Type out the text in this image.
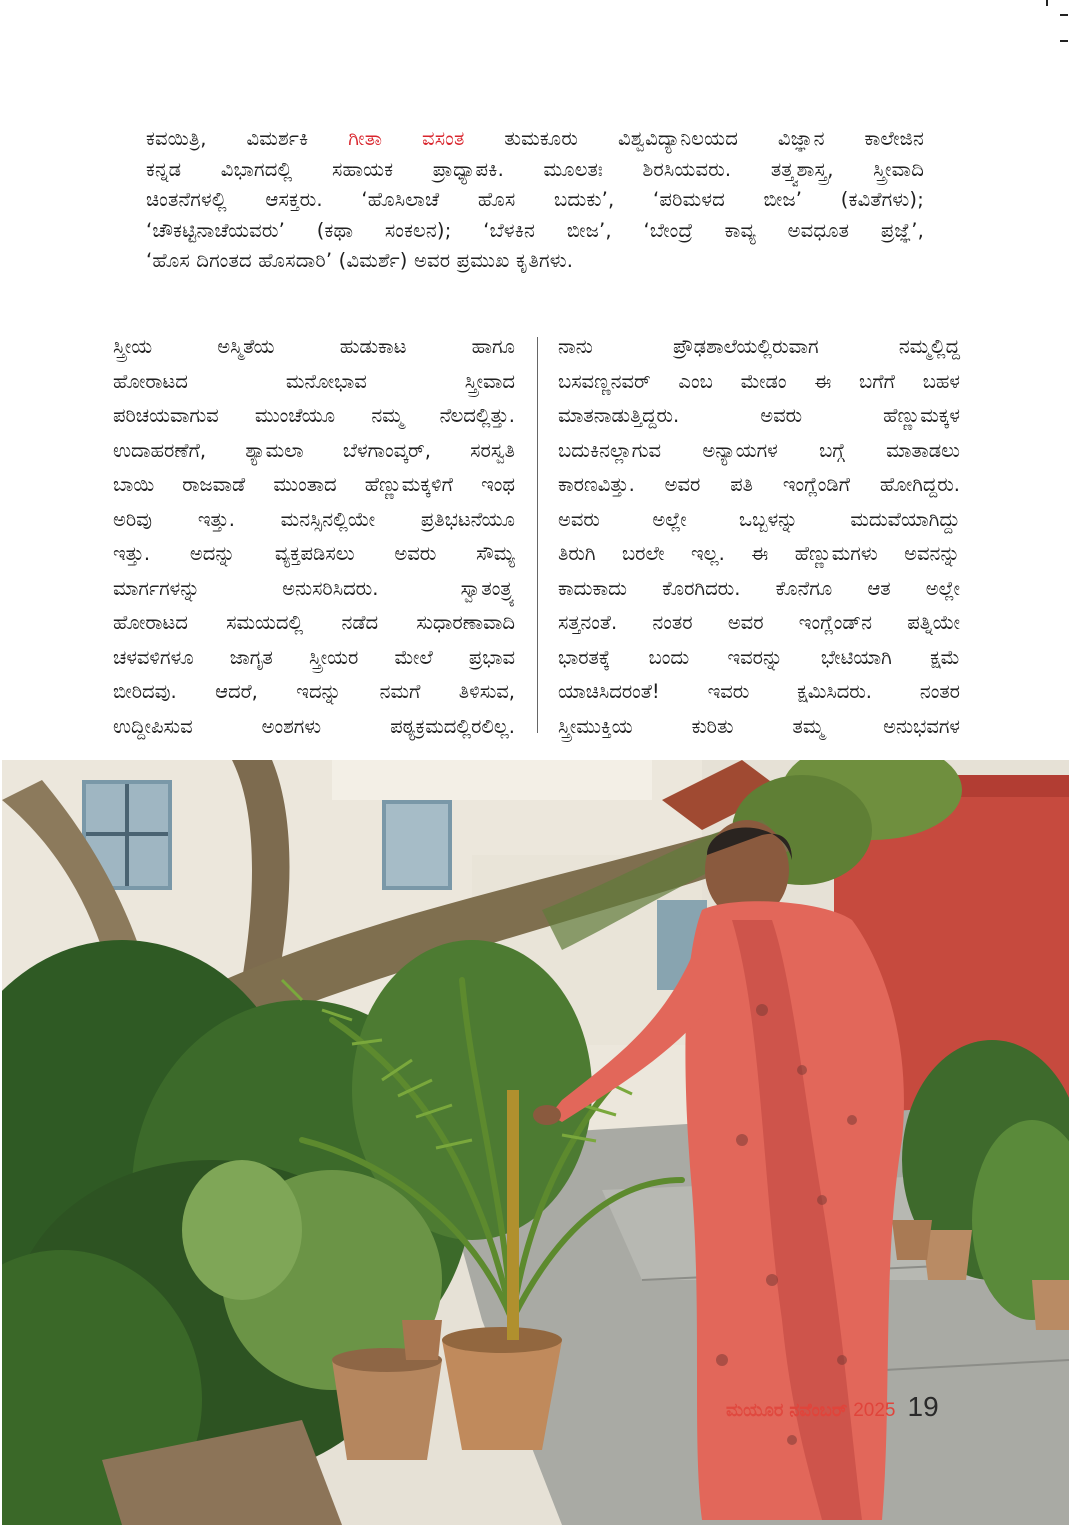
ಕವಯಿತ್ರಿ, ವಿಮರ್ಶಕಿ ಗೀತಾ ವಸಂತ ತುಮಕೂರು ವಿಶ್ವವಿದ್ಯಾನಿಲಯದ ವಿಜ್ಞಾನ ಕಾಲೇಜಿನ
ಕನ್ನಡ ವಿಭಾಗದಲ್ಲಿ ಸಹಾಯಕ ಪ್ರಾಧ್ಯಾಪಕಿ. ಮೂಲತಃ ಶಿರಸಿಯವರು. ತತ್ತ್ವಶಾಸ್ತ್ರ, ಸ್ತ್ರೀವಾದಿ
ಚಿಂತನೆಗಳಲ್ಲಿ ಆಸಕ್ತರು. ‘ಹೊಸಿಲಾಚೆ ಹೊಸ ಬದುಕು’, ‘ಪರಿಮಳದ ಬೀಜ’ (ಕವಿತೆಗಳು);
‘ಚೌಕಟ್ಟಿನಾಚೆಯವರು’ (ಕಥಾ ಸಂಕಲನ); ‘ಬೆಳಕಿನ ಬೀಜ’, ‘ಬೇಂದ್ರೆ ಕಾವ್ಯ ಅವಧೂತ ಪ್ರಜ್ಞೆ’,
‘ಹೊಸ ದಿಗಂತದ ಹೊಸದಾರಿ’ (ವಿಮರ್ಶೆ) ಅವರ ಪ್ರಮುಖ ಕೃತಿಗಳು.
ಸ್ತ್ರೀಯ ಅಸ್ಮಿತೆಯ ಹುಡುಕಾಟ ಹಾಗೂ
ಹೋರಾಟದ ಮನೋಭಾವ ಸ್ತ್ರೀವಾದ
ಪರಿಚಯವಾಗುವ ಮುಂಚೆಯೂ ನಮ್ಮ ನೆಲದಲ್ಲಿತ್ತು.
ಉದಾಹರಣೆಗೆ, ಶ್ಯಾಮಲಾ ಬೆಳಗಾಂವ್ಕರ್, ಸರಸ್ವತಿ
ಬಾಯಿ ರಾಜವಾಡೆ ಮುಂತಾದ ಹೆಣ್ಣುಮಕ್ಕಳಿಗೆ ಇಂಥ
ಅರಿವು ಇತ್ತು. ಮನಸ್ಸಿನಲ್ಲಿಯೇ ಪ್ರತಿಭಟನೆಯೂ
ಇತ್ತು. ಅದನ್ನು ವ್ಯಕ್ತಪಡಿಸಲು ಅವರು ಸೌಮ್ಯ
ಮಾರ್ಗಗಳನ್ನು ಅನುಸರಿಸಿದರು. ಸ್ವಾತಂತ್ರ್ಯ
ಹೋರಾಟದ ಸಮಯದಲ್ಲಿ ನಡೆದ ಸುಧಾರಣಾವಾದಿ
ಚಳವಳಿಗಳೂ ಜಾಗೃತ ಸ್ತ್ರೀಯರ ಮೇಲೆ ಪ್ರಭಾವ
ಬೀರಿದವು. ಆದರೆ, ಇದನ್ನು ನಮಗೆ ತಿಳಿಸುವ,
ಉದ್ದೀಪಿಸುವ ಅಂಶಗಳು ಪಠ್ಯಕ್ರಮದಲ್ಲಿರಲಿಲ್ಲ.
ನಾನು ಪ್ರೌಢಶಾಲೆಯಲ್ಲಿರುವಾಗ ನಮ್ಮಲ್ಲಿದ್ದ
ಬಸವಣ್ಣನವರ್ ಎಂಬ ಮೇಡಂ ಈ ಬಗೆಗೆ ಬಹಳ
ಮಾತನಾಡುತ್ತಿದ್ದರು. ಅವರು ಹೆಣ್ಣುಮಕ್ಕಳ
ಬದುಕಿನಲ್ಲಾಗುವ ಅನ್ಯಾಯಗಳ ಬಗ್ಗೆ ಮಾತಾಡಲು
ಕಾರಣವಿತ್ತು. ಅವರ ಪತಿ ಇಂಗ್ಲೆಂಡಿಗೆ ಹೋಗಿದ್ದರು.
ಅವರು ಅಲ್ಲೇ ಒಬ್ಬಳನ್ನು ಮದುವೆಯಾಗಿದ್ದು
ತಿರುಗಿ ಬರಲೇ ಇಲ್ಲ. ಈ ಹೆಣ್ಣುಮಗಳು ಅವನನ್ನು
ಕಾದುಕಾದು ಕೊರಗಿದರು. ಕೊನೆಗೂ ಆತ ಅಲ್ಲೇ
ಸತ್ತನಂತೆ. ನಂತರ ಅವರ ಇಂಗ್ಲೆಂಡ್‌ನ ಪತ್ನಿಯೇ
ಭಾರತಕ್ಕೆ ಬಂದು ಇವರನ್ನು ಭೇಟಿಯಾಗಿ ಕ್ಷಮೆ
ಯಾಚಿಸಿದರಂತೆ! ಇವರು ಕ್ಷಮಿಸಿದರು. ನಂತರ
ಸ್ತ್ರೀಮುಕ್ತಿಯ ಕುರಿತು ತಮ್ಮ ಅನುಭವಗಳ
ಮಯೂರ ನವೆಂಬರ್ 2025 19
